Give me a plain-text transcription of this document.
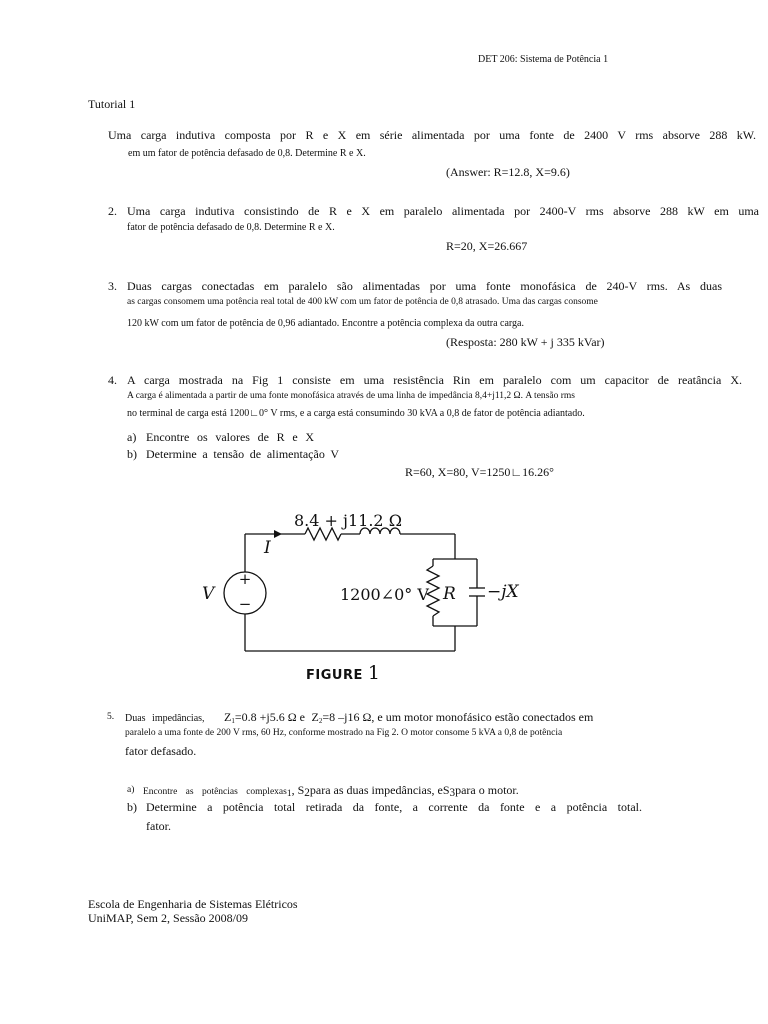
DET 206: Sistema de Potência 1
Tutorial 1
Uma carga indutiva composta por R e X em série alimentada por uma fonte de 2400 V rms absorve 288 kW.
em um fator de potência defasado de 0,8. Determine R e X.
(Answer: R=12.8, X=9.6)
2. Uma carga indutiva consistindo de R e X em paralelo alimentada por 2400-V rms absorve 288 kW em uma
fator de potência defasado de 0,8. Determine R e X.
R=20, X=26.667
3. Duas cargas conectadas em paralelo são alimentadas por uma fonte monofásica de 240-V rms. As duas
as cargas consomem uma potência real total de 400 kW com um fator de potência de 0,8 atrasado. Uma das cargas consome
120 kW com um fator de potência de 0,96 adiantado. Encontre a potência complexa da outra carga.
(Resposta: 280 kW + j 335 kVar)
4. A carga mostrada na Fig 1 consiste em uma resistência Rin em paralelo com um capacitor de reatância X.
A carga é alimentada a partir de uma fonte monofásica através de uma linha de impedância 8,4+j11,2 Ω. A tensão rms
no terminal de carga está 1200∟0° V rms, e a carga está consumindo 30 kVA a 0,8 de fator de potência adiantado.
a) Encontre os valores de R e X
b) Determine a tensão de alimentação V
R=60, X=80, V=1250∟16.26°
+
−
8.4 + j11.2 Ω
I
V	1200∠0° V R −jX
FIGURE 1
5. Duas impedâncias, $Z_1=0.8 +j5.6$ Ω e $Z_2=8$ –j16 Ω, e um motor monofásico estão conectados em
paralelo a uma fonte de 200 V rms, 60 Hz, conforme mostrado na Fig 2. O motor consome 5 kVA a 0,8 de potência
fator defasado.
a) Encontre as potências complexas$_1$, $S_2para$ as duas impedâncias, $eS_3para$ o motor.
b) Determine a potência total retirada da fonte, a corrente da fonte e a potência total.
fator.
Escola de Engenharia de Sistemas Elétricos
UniMAP, Sem 2, Sessão 2008/09
